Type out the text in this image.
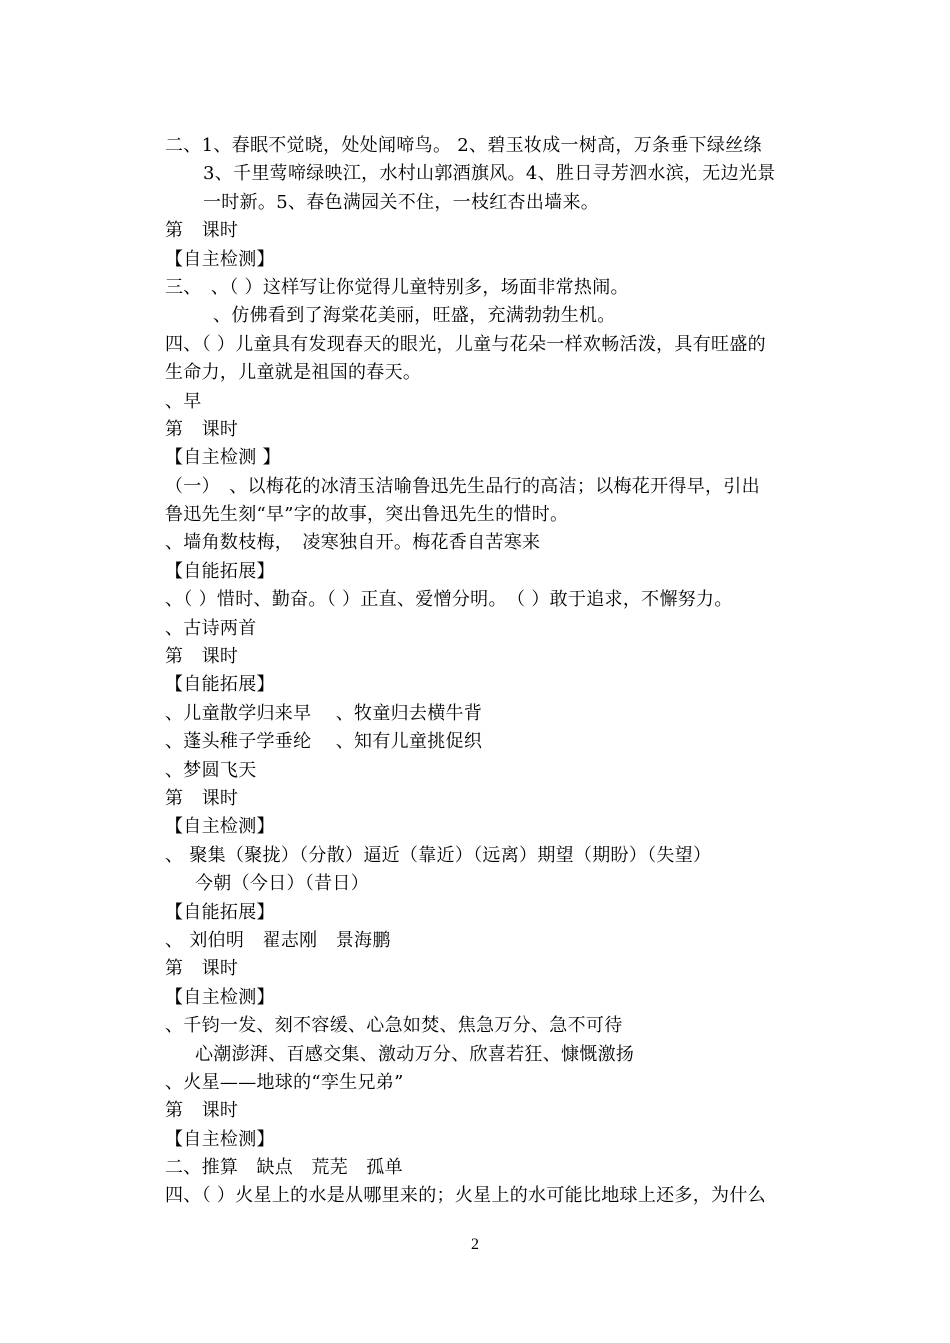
二、1、春眠不觉晓，处处闻啼鸟。 2、碧玉妆成一树高，万条垂下绿丝绦
3、千里莺啼绿映江，水村山郭酒旗风。4、胜日寻芳泗水滨，无边光景
一时新。5、春色满园关不住，一枝红杏出墙来。
第　课时
【自主检测】
三、　、（ ）这样写让你觉得儿童特别多，场面非常热闹。
、仿佛看到了海棠花美丽，旺盛，充满勃勃生机。
四、（ ）儿童具有发现春天的眼光，儿童与花朵一样欢畅活泼，具有旺盛的
生命力，儿童就是祖国的春天。
、早
第　课时
【自主检测 】
（一）　、以梅花的冰清玉洁喻鲁迅先生品行的高洁；以梅花开得早，引出
鲁迅先生刻“早”字的故事，突出鲁迅先生的惜时。
、墙角数枝梅，　凌寒独自开。梅花香自苦寒来
【自能拓展】
、（ ）惜时、勤奋。（ ）正直、爱憎分明。　（ ）敢于追求，不懈努力。
、古诗两首
第　课时
【自能拓展】
、儿童散学归来早　 、牧童归去横牛背
、蓬头稚子学垂纶　 、知有儿童挑促织
、梦圆飞天
第　课时
【自主检测】
、 聚集（聚拢）（分散）逼近（靠近）（远离）期望（期盼）（失望）
今朝（今日）（昔日）
【自能拓展】
、 刘伯明　翟志刚　景海鹏
第　课时
【自主检测】
、千钧一发、刻不容缓、心急如焚、焦急万分、急不可待
心潮澎湃、百感交集、激动万分、欣喜若狂、慷慨激扬
、火星——地球的“孪生兄弟”
第　课时
【自主检测】
二、推算　缺点　荒芜　孤单
四、（ ）火星上的水是从哪里来的；火星上的水可能比地球上还多，为什么
2
